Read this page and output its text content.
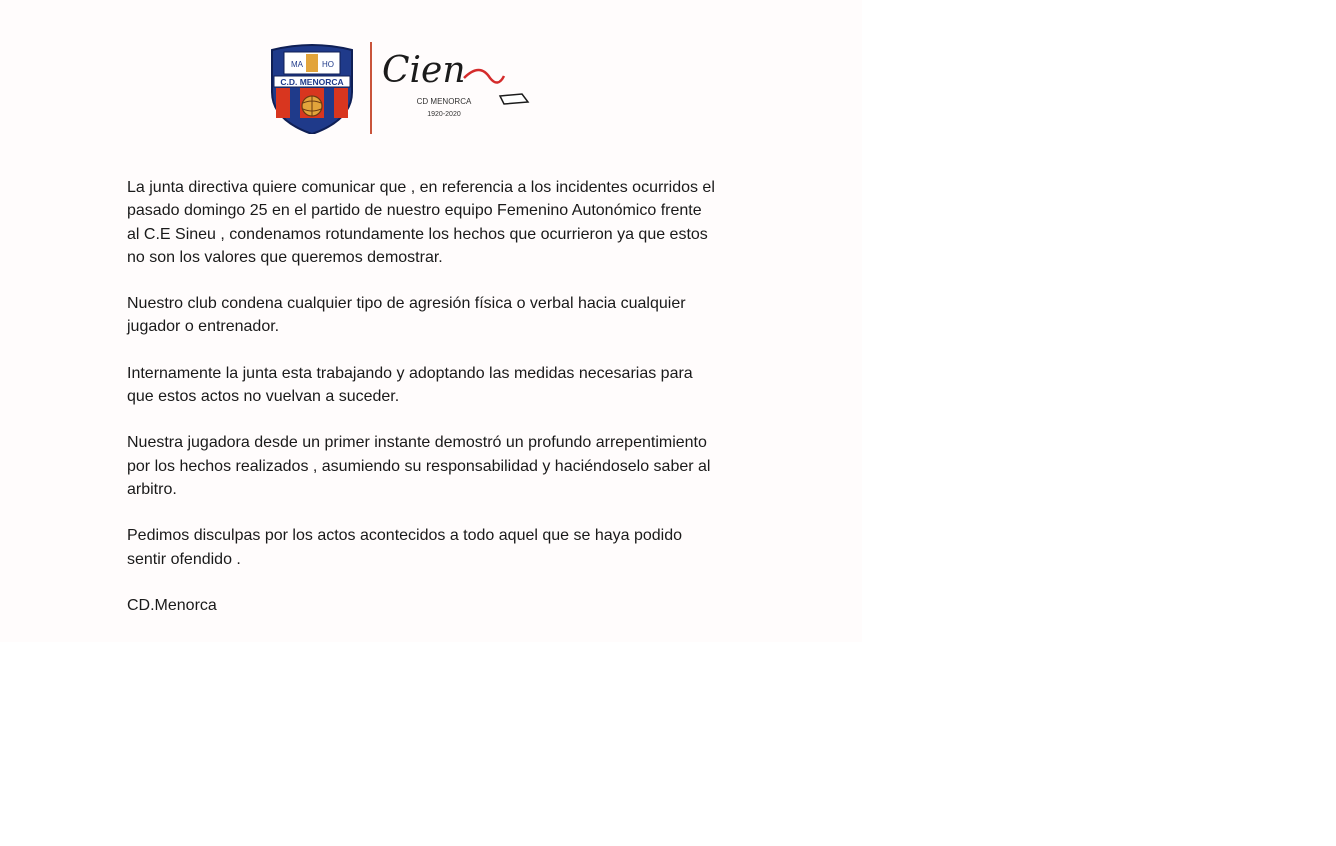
MA HO
C.D. MENORCA Cien
CD MENORCA
1920-2020

La junta directiva quiere comunicar que , en referencia a los incidentes ocurridos el
pasado domingo 25 en el partido de nuestro equipo Femenino Autonómico frente
al C.E Sineu , condenamos rotundamente los hechos que ocurrieron ya que estos
no son los valores que queremos demostrar.

Nuestro club condena cualquier tipo de agresión física o verbal hacia cualquier
jugador o entrenador.

Internamente la junta esta trabajando y adoptando las medidas necesarias para
que estos actos no vuelvan a suceder.

Nuestra jugadora desde un primer instante demostró un profundo arrepentimiento
por los hechos realizados , asumiendo su responsabilidad y haciéndoselo saber al
arbitro.

Pedimos disculpas por los actos acontecidos a todo aquel que se haya podido
sentir ofendido .

CD.Menorca
